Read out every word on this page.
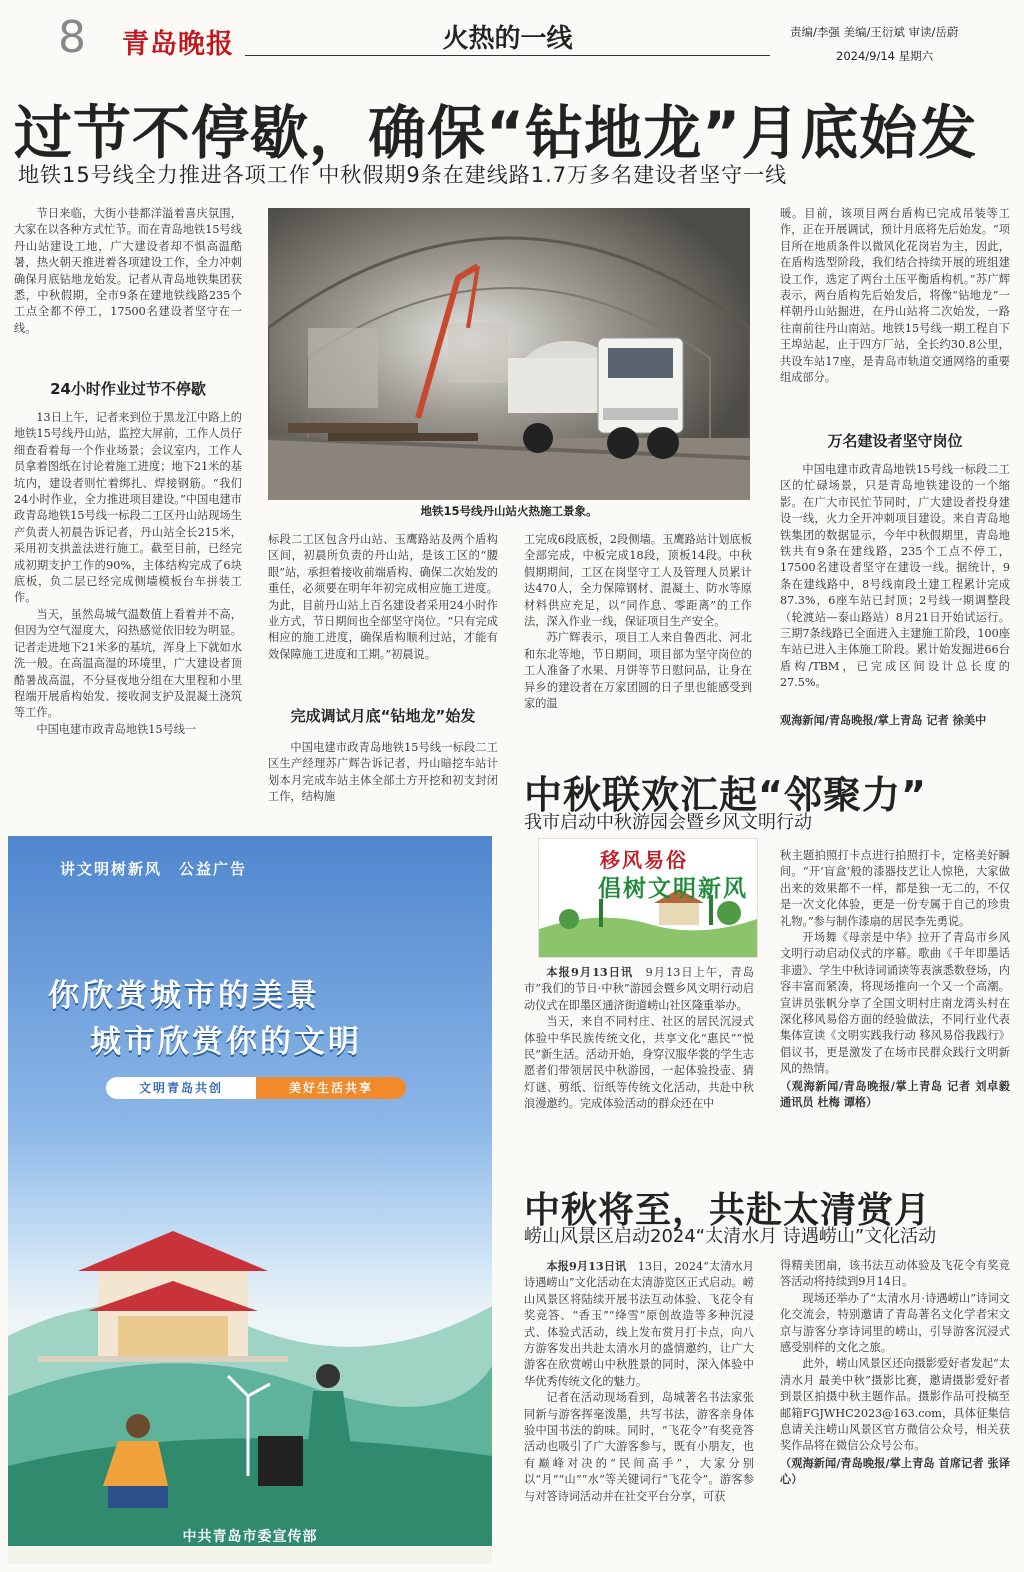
8 青岛晚报	火热的一线	责编/李强 美编/王衍斌 审读/岳蔚
2024/9/14 星期六
过节不停歇，确保“钻地龙”月底始发
地铁15号线全力推进各项工作 中秋假期9条在建线路1.7万多名建设者坚守一线

节日来临，大街小巷都洋溢着喜庆氛围，大家在以各种方式忙节。而在青岛地铁15号线丹山站建设工地，广大建设者却不惧高温酷暑，热火朝天推进着各项建设工作，全力冲刺确保月底钻地龙始发。记者从青岛地铁集团获悉，中秋假期，全市9条在建地铁线路235个工点全都不停工，17500名建设者坚守在一线。

24小时作业过节不停歇

13日上午，记者来到位于黑龙江中路上的地铁15号线丹山站，监控大屏前，工作人员仔细查看着每一个作业场景；会议室内，工作人员拿着图纸在讨论着施工进度；地下21米的基坑内，建设者则忙着绑扎、焊接钢筋。“我们24小时作业，全力推进项目建设。”中国电建市政青岛地铁15号线一标段二工区丹山站现场生产负责人初晨告诉记者，丹山站全长215米，采用初支拱盖法进行施工。截至目前，已经完成初期支护工作的90%，主体结构完成了6块底板，负二层已经完成侧墙模板台车拼装工作。

当天，虽然岛城气温数值上看着并不高，但因为空气湿度大，闷热感觉依旧较为明显。记者走进地下21米多的基坑，浑身上下就如水洗一般。在高温高湿的环境里，广大建设者顶酷暑战高温，不分昼夜地分组在大里程和小里程端开展盾构始发、接收洞支护及混凝土浇筑等工作。

中国电建市政青岛地铁15号线一

地铁15号线丹山站火热施工景象。

标段二工区包含丹山站、玉鹰路站及两个盾构区间，初晨所负责的丹山站，是该工区的“腰眼”站，承担着接收前端盾构、确保二次始发的重任，必须要在明年年初完成相应施工进度。为此，目前丹山站上百名建设者采用24小时作业方式，节日期间也全部坚守岗位。“只有完成相应的施工进度，确保盾构顺利过站，才能有效保障施工进度和工期。”初晨说。

完成调试月底“钻地龙”始发

中国电建市政青岛地铁15号线一标段二工区生产经理苏广辉告诉记者，丹山暗挖车站计划本月完成车站主体全部土方开挖和初支封闭工作，结构施

工完成6段底板，2段侧墙。玉鹰路站计划底板全部完成，中板完成18段，顶板14段。中秋假期期间，工区在岗坚守工人及管理人员累计达470人，全力保障钢材、混凝土、防水等原材料供应充足，以“同作息、零距离”的工作法，深入作业一线，保证项目生产安全。

苏广辉表示，项目工人来自鲁西北、河北和东北等地，节日期间，项目部为坚守岗位的工人准备了水果、月饼等节日慰问品，让身在异乡的建设者在万家团圆的日子里也能感受到家的温

暖。目前，该项目两台盾构已完成吊装等工作，正在开展调试，预计月底将先后始发。“项目所在地质条件以微风化花岗岩为主，因此，在盾构选型阶段，我们结合持续开展的班组建设工作，选定了两台土压平衡盾构机。”苏广辉表示，两台盾构先后始发后，将像“钻地龙”一样朝丹山站掘进，在丹山站将二次始发，一路往南前往丹山南站。地铁15号线一期工程自下王埠站起，止于四方厂站，全长约30.8公里，共设车站17座，是青岛市轨道交通网络的重要组成部分。

万名建设者坚守岗位

中国电建市政青岛地铁15号线一标段二工区的忙碌场景，只是青岛地铁建设的一个缩影。在广大市民忙节同时，广大建设者投身建设一线，火力全开冲刺项目建设。来自青岛地铁集团的数据显示，今年中秋假期里，青岛地铁共有9条在建线路，235个工点不停工，17500名建设者坚守在建设一线。据统计，9条在建线路中，8号线南段土建工程累计完成87.3%，6座车站已封顶；2号线一期调整段（轮渡站—泰山路站）8月21日开始试运行。三期7条线路已全面进入主建施工阶段，100座车站已进入主体施工阶段。累计始发掘进66台盾构/TBM，已完成区间设计总长度的27.5%。

观海新闻/青岛晚报/掌上青岛 记者 徐美中
讲文明树新风　公益广告
你欣赏城市的美景
城市欣赏你的文明
文明青岛共创	美好生活共享
中共青岛市委宣传部
中秋联欢汇起“邻聚力”
我市启动中秋游园会暨乡风文明行动
移风易俗
倡树文明新风

本报9月13日讯　 9月13日上午，青岛市“我们的节日·中秋”游园会暨乡风文明行动启动仪式在即墨区通济街道崂山社区隆重举办。

当天，来自不同村庄、社区的居民沉浸式体验中华民族传统文化，共享文化“惠民”“悦民”新生活。活动开始，身穿汉服华裳的学生志愿者们带领居民中秋游园，一起体验投壶、猜灯谜、剪纸、衍纸等传统文化活动，共赴中秋浪漫邀约。完成体验活动的群众还在中

秋主题拍照打卡点进行拍照打卡，定格美好瞬间。“开‘盲盒’般的漆器技艺让人惊艳，大家做出来的效果都不一样，都是独一无二的，不仅是一次文化体验，更是一份专属于自己的珍贵礼物。”参与制作漆扇的居民李先勇说。

开场舞《母亲是中华》拉开了青岛市乡风文明行动启动仪式的序幕。歌曲《千年即墨话非遗》、学生中秋诗词诵读等表演悉数登场，内容丰富而紧凑，将现场推向一个又一个高潮。宣讲员张帆分享了全国文明村庄南龙湾头村在深化移风易俗方面的经验做法，不同行业代表集体宣读《文明实践我行动 移风易俗我践行》倡议书，更是激发了在场市民群众践行文明新风的热情。

（观海新闻/青岛晚报/掌上青岛 记者 刘卓毅 通讯员 杜梅 谭格）

中秋将至，共赴太清赏月
崂山风景区启动2024“太清水月 诗遇崂山”文化活动

本报9月13日讯　 13日，2024“太清水月 诗遇崂山”文化活动在太清游览区正式启动。崂山风景区将陆续开展书法互动体验、飞花令有奖竞答、“香玉”“绛雪”原创故造等多种沉浸式、体验式活动，线上发布赏月打卡点，向八方游客发出共赴太清水月的盛情邀约，让广大游客在欣赏崂山中秋胜景的同时，深入体验中华优秀传统文化的魅力。

记者在活动现场看到，岛城著名书法家张同新与游客挥毫泼墨，共写书法，游客亲身体验中国书法的韵味。同时，“飞花令”有奖竞答活动也吸引了广大游客参与，既有小朋友，也有巅峰对决的“民间高手”，大家分别以“月”“山”“水”等关键词行“飞花令”。游客参与对答诗词活动并在社交平台分享，可获

得精美团扇，该书法互动体验及飞花令有奖竞答活动将持续到9月14日。

现场还举办了“太清水月·诗遇崂山”诗词文化交流会，特别邀请了青岛著名文化学者宋文京与游客分享诗词里的崂山，引导游客沉浸式感受别样的文化之旅。

此外，崂山风景区还向摄影爱好者发起“太清水月 最美中秋”摄影比赛，邀请摄影爱好者到景区拍摄中秋主题作品。摄影作品可投稿至邮箱FGJWHC2023@163.com，具体征集信息请关注崂山风景区官方微信公众号，相关获奖作品将在微信公众号公布。

（观海新闻/青岛晚报/掌上青岛 首席记者 张译心）
